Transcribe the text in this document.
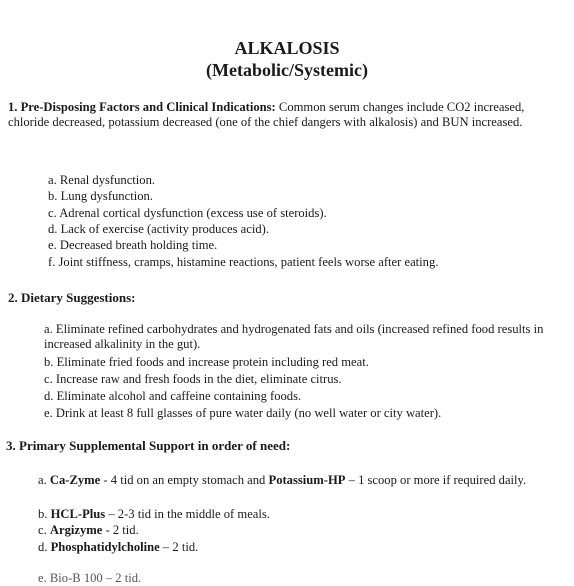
ALKALOSIS
(Metabolic/Systemic)
1. Pre-Disposing Factors and Clinical Indications: Common serum changes include CO2 increased, chloride decreased, potassium decreased (one of the chief dangers with alkalosis) and BUN increased.
a. Renal dysfunction.
b. Lung dysfunction.
c. Adrenal cortical dysfunction (excess use of steroids).
d. Lack of exercise (activity produces acid).
e. Decreased breath holding time.
f. Joint stiffness, cramps, histamine reactions, patient feels worse after eating.
2. Dietary Suggestions:
a. Eliminate refined carbohydrates and hydrogenated fats and oils (increased refined food results in increased alkalinity in the gut).
b. Eliminate fried foods and increase protein including red meat.
c. Increase raw and fresh foods in the diet, eliminate citrus.
d. Eliminate alcohol and caffeine containing foods.
e. Drink at least 8 full glasses of pure water daily (no well water or city water).
3. Primary Supplemental Support in order of need:
a. Ca-Zyme - 4 tid on an empty stomach and Potassium-HP – 1 scoop or more if required daily.
b. HCL-Plus – 2-3 tid in the middle of meals.
c. Argizyme - 2 tid.
d. Phosphatidylcholine – 2 tid.
e. Bio-B 100 – 2 tid.
